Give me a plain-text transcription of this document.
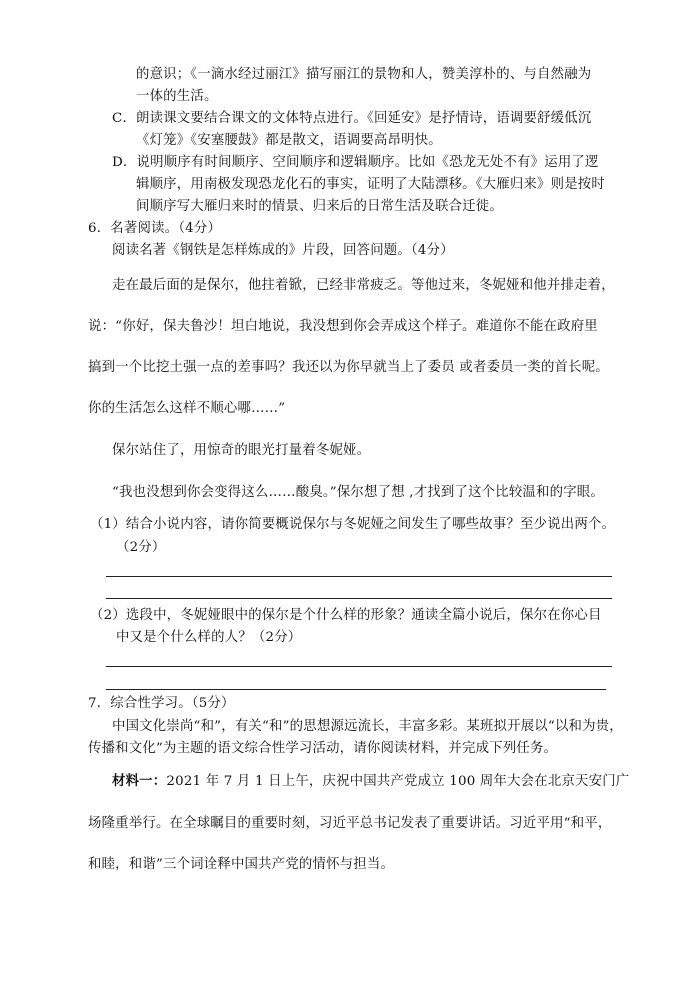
的意识；《一滴水经过丽江》描写丽江的景物和人，赞美淳朴的、与自然融为
一体的生活。
C．朗读课文要结合课文的文体特点进行。《回延安》是抒情诗，语调要舒缓低沉
《灯笼》《安塞腰鼓》都是散文，语调要高昂明快。
D．说明顺序有时间顺序、空间顺序和逻辑顺序。比如《恐龙无处不有》运用了逻
辑顺序，用南极发现恐龙化石的事实，证明了大陆漂移。《大雁归来》则是按时
间顺序写大雁归来时的情景、归来后的日常生活及联合迁徙。
6．名著阅读。（4分）
阅读名著《钢铁是怎样炼成的》片段，回答问题。（4分）
走在最后面的是保尔，他拄着锨，已经非常疲乏。等他过来，冬妮娅和他并排走着，
说：“你好，保夫鲁沙！坦白地说，我没想到你会弄成这个样子。难道你不能在政府里
搞到一个比挖土强一点的差事吗？我还以为你早就当上了委员 或者委员一类的首长呢。
你的生活怎么这样不顺心哪……”
保尔站住了，用惊奇的眼光打量着冬妮娅。
“我也没想到你会变得这么……酸臭。”保尔想了想 ,才找到了这个比较温和的字眼。
（1）结合小说内容，请你简要概说保尔与冬妮娅之间发生了哪些故事？至少说出两个。
（2分）
（2）选段中，冬妮娅眼中的保尔是个什么样的形象？通读全篇小说后，保尔在你心目
中又是个什么样的人？（2分）
7．综合性学习。（5分）
中国文化崇尚“和”，有关“和”的思想源远流长，丰富多彩。某班拟开展以“以和为贵，
传播和文化”为主题的语文综合性学习活动，请你阅读材料，并完成下列任务。
材料一：2021 年 7 月 1 日上午，庆祝中国共产党成立 100 周年大会在北京天安门广
场隆重举行。在全球瞩目的重要时刻，习近平总书记发表了重要讲话。习近平用“和平，
和睦，和谐”三个词诠释中国共产党的情怀与担当。
